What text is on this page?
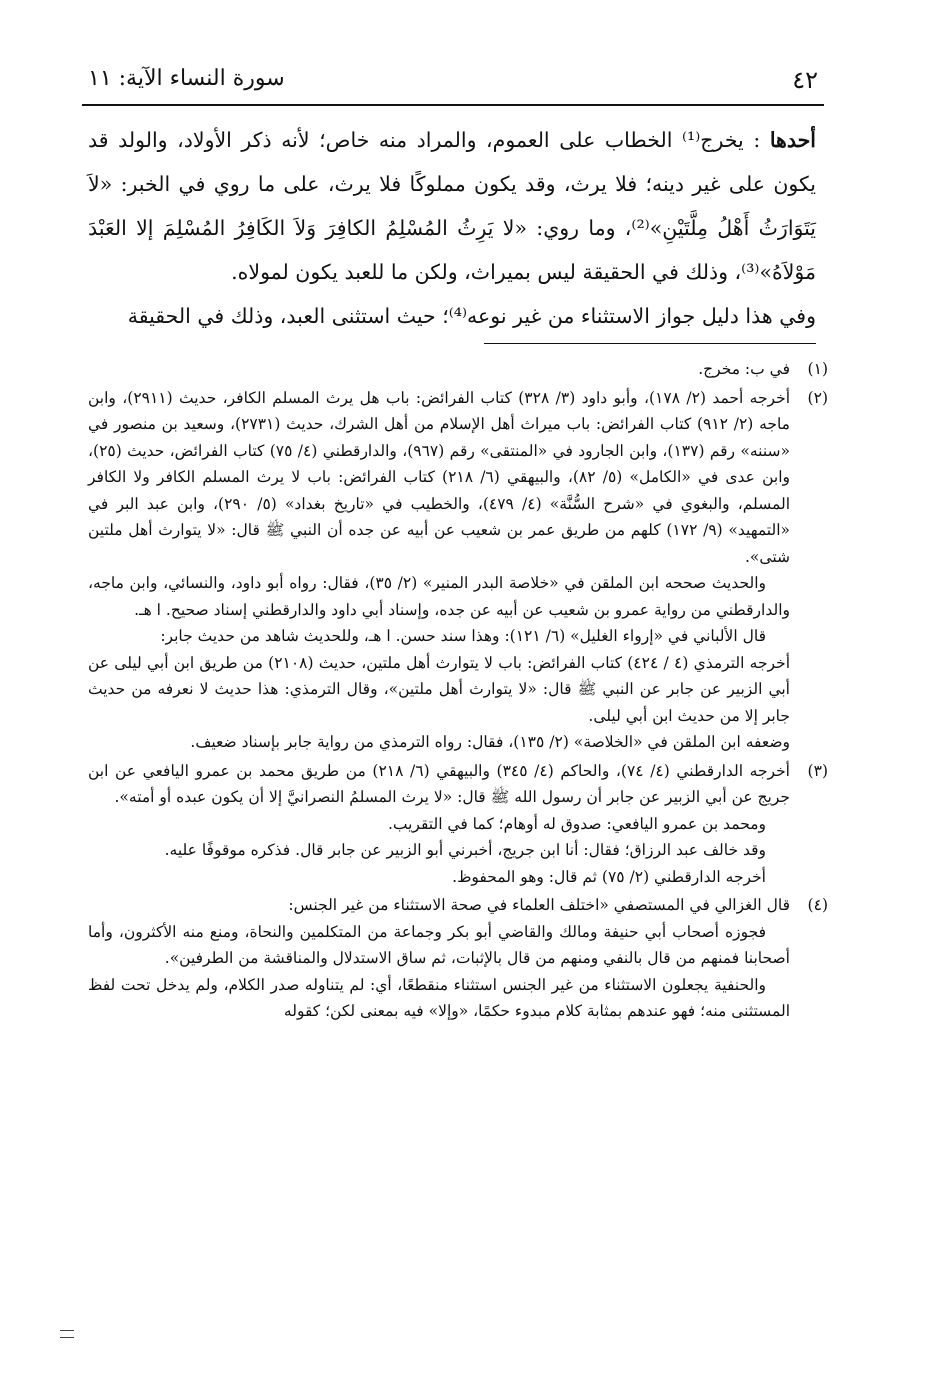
٤٢
سورة النساء الآية: ١١

أحدها : يخرج⁽¹⁾ الخطاب على العموم، والمراد منه خاص؛ لأنه ذكر الأولاد، والولد قد يكون على غير دينه؛ فلا يرث، وقد يكون مملوكًا فلا يرث، على ما روي في الخبر: «لاَ يَتَوَارَثُ أَهْلُ مِلَّتَيْنِ»⁽²⁾، وما روي: «لا يَرِثُ المُسْلِمُ الكافِرَ وَلاَ الكَافِرُ المُسْلِمَ إلا العَبْدَ مَوْلاَهُ»⁽³⁾، وذلك في الحقيقة ليس بميراث، ولكن ما للعبد يكون لمولاه.

وفي هذا دليل جواز الاستثناء من غير نوعه⁽⁴⁾؛ حيث استثنى العبد، وذلك في الحقيقة

(١)

في ب: مخرج.

(٢)

أخرجه أحمد (٢/ ١٧٨)، وأبو داود (٣/ ٣٢٨) كتاب الفرائض: باب هل يرث المسلم الكافر، حديث (٢٩١١)، وابن ماجه (٢/ ٩١٢) كتاب الفرائض: باب ميراث أهل الإسلام من أهل الشرك، حديث (٢٧٣١)، وسعيد بن منصور في «سننه» رقم (١٣٧)، وابن الجارود في «المنتقى» رقم (٩٦٧)، والدارقطني (٤/ ٧٥) كتاب الفرائض، حديث (٢٥)، وابن عدى في «الكامل» (٥/ ٨٢)، والبيهقي (٦/ ٢١٨) كتاب الفرائض: باب لا يرث المسلم الكافر ولا الكافر المسلم، والبغوي في «شرح السُّنَّة» (٤/ ٤٧٩)، والخطيب في «تاريخ بغداد» (٥/ ٢٩٠)، وابن عبد البر في «التمهيد» (٩/ ١٧٢) كلهم من طريق عمر بن شعيب عن أبيه عن جده أن النبي ﷺ قال: «لا يتوارث أهل ملتين شتى».

والحديث صححه ابن الملقن في «خلاصة البدر المنير» (٢/ ٣٥)، فقال: رواه أبو داود، والنسائي، وابن ماجه، والدارقطني من رواية عمرو بن شعيب عن أبيه عن جده، وإسناد أبي داود والدارقطني إسناد صحيح. ا هـ.

قال الألباني في «إرواء الغليل» (٦/ ١٢١): وهذا سند حسن. ا هـ، وللحديث شاهد من حديث جابر:

أخرجه الترمذي (٤ / ٤٢٤) كتاب الفرائض: باب لا يتوارث أهل ملتين، حديث (٢١٠٨) من طريق ابن أبي ليلى عن أبي الزبير عن جابر عن النبي ﷺ قال: «لا يتوارث أهل ملتين»، وقال الترمذي: هذا حديث لا نعرفه من حديث جابر إلا من حديث ابن أبي ليلى.

وضعفه ابن الملقن في «الخلاصة» (٢/ ١٣٥)، فقال: رواه الترمذي من رواية جابر بإسناد ضعيف.

(٣)

أخرجه الدارقطني (٤/ ٧٤)، والحاكم (٤/ ٣٤٥) والبيهقي (٦/ ٢١٨) من طريق محمد بن عمرو اليافعي عن ابن جريج عن أبي الزبير عن جابر أن رسول الله ﷺ قال: «لا يرث المسلمُ النصرانيَّ إلا أن يكون عبده أو أمته».

ومحمد بن عمرو اليافعي: صدوق له أوهام؛ كما في التقريب.

وقد خالف عبد الرزاق؛ فقال: أنا ابن جريج، أخبرني أبو الزبير عن جابر قال. فذكره موقوفًا عليه.

أخرجه الدارقطني (٢/ ٧٥) ثم قال: وهو المحفوظ.

(٤)

قال الغزالي في المستصفي «اختلف العلماء في صحة الاستثناء من غير الجنس:

فجوزه أصحاب أبي حنيفة ومالك والقاضي أبو بكر وجماعة من المتكلمين والنحاة، ومنع منه الأكثرون، وأما أصحابنا فمنهم من قال بالنفي ومنهم من قال بالإثبات، ثم ساق الاستدلال والمناقشة من الطرفين».

والحنفية يجعلون الاستثناء من غير الجنس استثناء منقطعًا، أي: لم يتناوله صدر الكلام، ولم يدخل تحت لفظ المستثنى منه؛ فهو عندهم بمثابة كلام مبدوء حكمًا، «وإلا» فيه بمعنى لكن؛ كقوله
